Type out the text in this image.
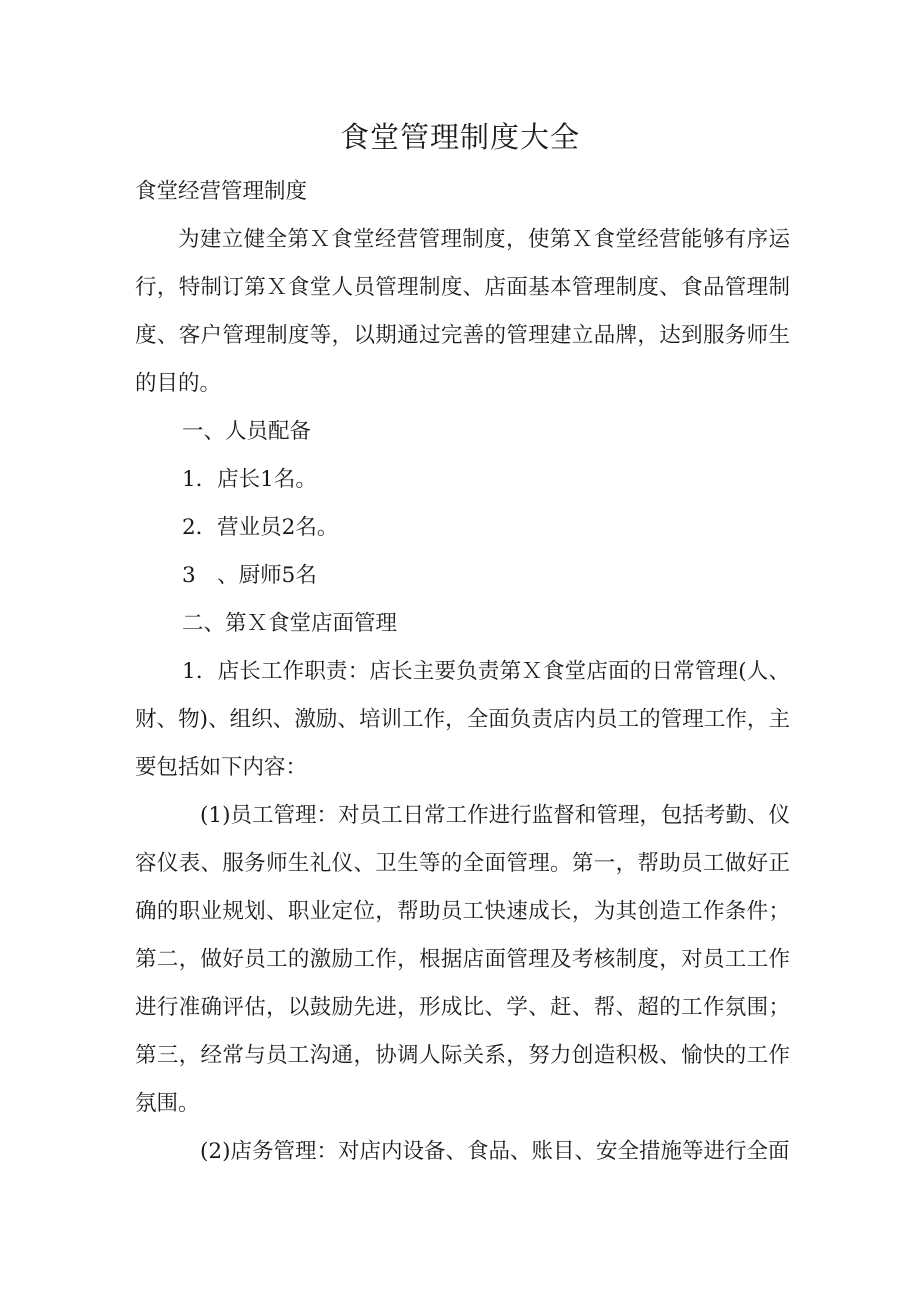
食堂管理制度大全

食堂经营管理制度

为建立健全第Ｘ食堂经营管理制度，使第Ｘ食堂经营能够有序运行，特制订第Ｘ食堂人员管理制度、店面基本管理制度、食品管理制度、客户管理制度等，以期通过完善的管理建立品牌，达到服务师生的目的。

一、人员配备

1．店长1名。

2．营业员2名。

3　、厨师5名

二、第Ｘ食堂店面管理

1．店长工作职责：店长主要负责第Ｘ食堂店面的日常管理(人、财、物)、组织、激励、培训工作，全面负责店内员工的管理工作，主要包括如下内容：

(1)员工管理：对员工日常工作进行监督和管理，包括考勤、仪容仪表、服务师生礼仪、卫生等的全面管理。第一，帮助员工做好正确的职业规划、职业定位，帮助员工快速成长，为其创造工作条件；第二，做好员工的激励工作，根据店面管理及考核制度，对员工工作进行准确评估，以鼓励先进，形成比、学、赶、帮、超的工作氛围；第三，经常与员工沟通，协调人际关系，努力创造积极、愉快的工作氛围。

(2)店务管理：对店内设备、食品、账目、安全措施等进行全面
